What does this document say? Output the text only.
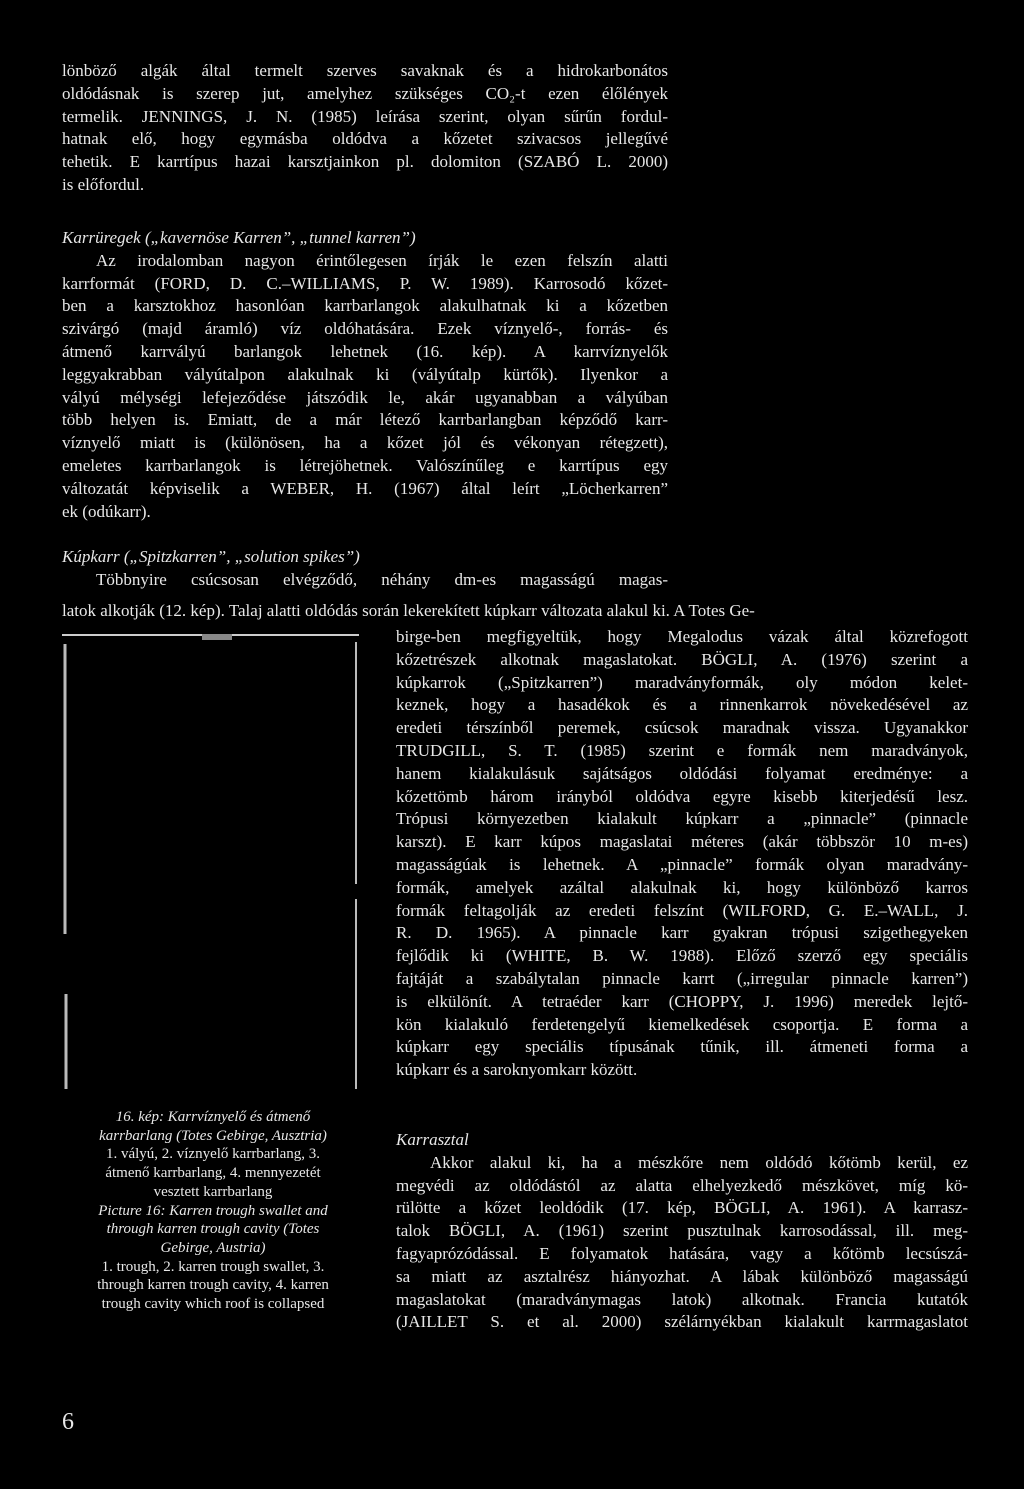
lönböző algák által termelt szerves savaknak és a hidrokarbonátos
oldódásnak is szerep jut, amelyhez szükséges CO₂-t ezen élőlények
termelik. JENNINGS, J. N. (1985) leírása szerint, olyan sűrűn fordul-
hatnak elő, hogy egymásba oldódva a kőzetet szivacsos jellegűvé
tehetik. E karrtípus hazai karsztjainkon pl. dolomiton (SZABÓ L. 2000)
is előfordul.
Karrüregek („kavernöse Karren”, „tunnel karren”)
Az irodalomban nagyon érintőlegesen írják le ezen felszín alatti
karrformát (FORD, D. C.–WILLIAMS, P. W. 1989). Karrosodó kőzet-
ben a karsztokhoz hasonlóan karrbarlangok alakulhatnak ki a kőzetben
szivárgó (majd áramló) víz oldóhatására. Ezek víznyelő-, forrás- és
átmenő karrvályú barlangok lehetnek (16. kép). A karrvíznyelők
leggyakrabban vályútalpon alakulnak ki (vályútalp kürtők). Ilyenkor a
vályú mélységi lefejeződése játszódik le, akár ugyanabban a vályúban
több helyen is. Emiatt, de a már létező karrbarlangban képződő karr-
víznyelő miatt is (különösen, ha a kőzet jól és vékonyan rétegzett),
emeletes karrbarlangok is létrejöhetnek. Valószínűleg e karrtípus egy
változatát képviselik a WEBER, H. (1967) által leírt „Löcherkarren”
ek (odúkarr).
Kúpkarr („Spitzkarren”, „solution spikes”)
Többnyire csúcsosan elvégződő, néhány dm-es magasságú magas-
latok alkotják (12. kép). Talaj alatti oldódás során lekerekített kúpkarr változata alakul ki. A Totes Ge-
16. kép: Karrvíznyelő és átmenő
karrbarlang (Totes Gebirge, Ausztria)
1. vályú, 2. víznyelő karrbarlang, 3.
átmenő karrbarlang, 4. mennyezetét
vesztett karrbarlang
Picture 16: Karren trough swallet and
through karren trough cavity (Totes
Gebirge, Austria)
1. trough, 2. karren trough swallet, 3.
through karren trough cavity, 4. karren
trough cavity which roof is collapsed
birge-ben megfigyeltük, hogy Megalodus vázak által közrefogott
kőzetrészek alkotnak magaslatokat. BÖGLI, A. (1976) szerint a
kúpkarrok („Spitzkarren”) maradványformák, oly módon kelet-
keznek, hogy a hasadékok és a rinnenkarrok növekedésével az
eredeti térszínből peremek, csúcsok maradnak vissza. Ugyanakkor
TRUDGILL, S. T. (1985) szerint e formák nem maradványok,
hanem kialakulásuk sajátságos oldódási folyamat eredménye: a
kőzettömb három irányból oldódva egyre kisebb kiterjedésű lesz.
Trópusi környezetben kialakult kúpkarr a „pinnacle” (pinnacle
karszt). E karr kúpos magaslatai méteres (akár többször 10 m-es)
magasságúak is lehetnek. A „pinnacle” formák olyan maradvány-
formák, amelyek azáltal alakulnak ki, hogy különböző karros
formák feltagolják az eredeti felszínt (WILFORD, G. E.–WALL, J.
R. D. 1965). A pinnacle karr gyakran trópusi szigethegyeken
fejlődik ki (WHITE, B. W. 1988). Előző szerző egy speciális
fajtáját a szabálytalan pinnacle karrt („irregular pinnacle karren”)
is elkülönít. A tetraéder karr (CHOPPY, J. 1996) meredek lejtő-
kön kialakuló ferdetengelyű kiemelkedések csoportja. E forma a
kúpkarr egy speciális típusának tűnik, ill. átmeneti forma a
kúpkarr és a saroknyomkarr között.
Karrasztal
Akkor alakul ki, ha a mészkőre nem oldódó kőtömb kerül, ez
megvédi az oldódástól az alatta elhelyezkedő mészkövet, míg kö-
rülötte a kőzet leoldódik (17. kép, BÖGLI, A. 1961). A karrasz-
talok BÖGLI, A. (1961) szerint pusztulnak karrosodással, ill. meg-
fagyaprózódással. E folyamatok hatására, vagy a kőtömb lecsúszá-
sa miatt az asztalrész hiányozhat. A lábak különböző magasságú
magaslatokat (maradványmagas latok) alkotnak. Francia kutatók
(JAILLET S. et al. 2000) szélárnyékban kialakult karrmagaslatot
6
